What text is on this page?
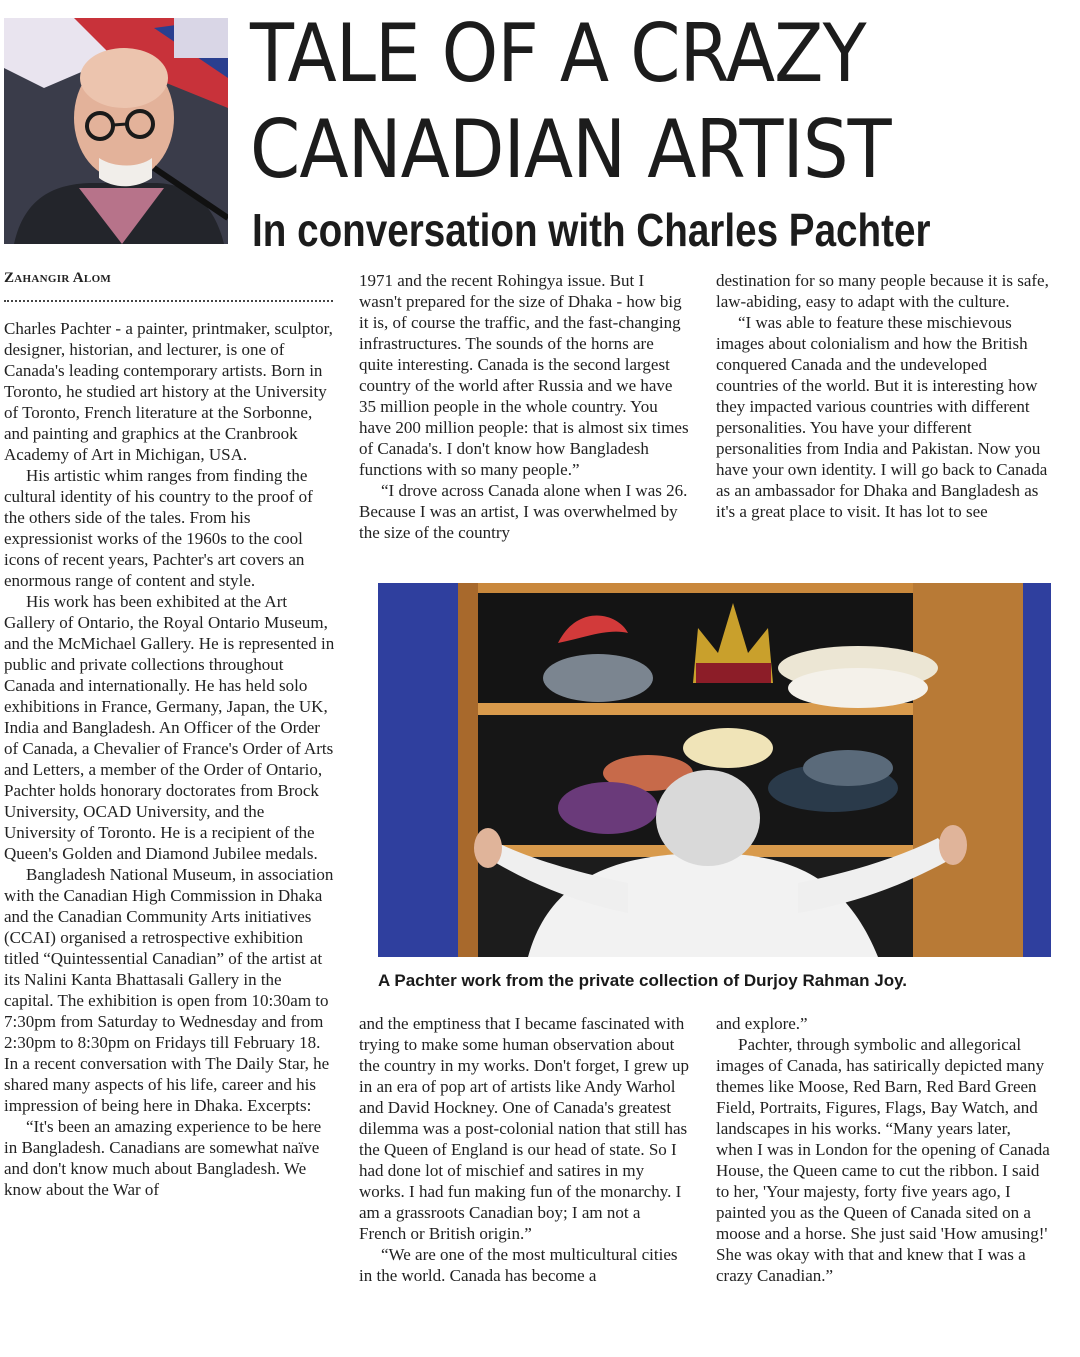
TALE OF A CRAZY CANADIAN ARTIST
In conversation with Charles Pachter
Zahangir Alom

Charles Pachter - a painter, printmaker, sculptor, designer, historian, and lecturer, is one of Canada's leading contemporary artists. Born in Toronto, he studied art history at the University of Toronto, French literature at the Sorbonne, and painting and graphics at the Cranbrook Academy of Art in Michigan, USA.

His artistic whim ranges from finding the cultural identity of his country to the proof of the others side of the tales. From his expressionist works of the 1960s to the cool icons of recent years, Pachter's art covers an enormous range of content and style.

His work has been exhibited at the Art Gallery of Ontario, the Royal Ontario Museum, and the McMichael Gallery. He is represented in public and private collections throughout Canada and internationally. He has held solo exhibitions in France, Germany, Japan, the UK, India and Bangladesh. An Officer of the Order of Canada, a Chevalier of France's Order of Arts and Letters, a member of the Order of Ontario, Pachter holds honorary doctorates from Brock University, OCAD University, and the University of Toronto. He is a recipient of the Queen's Golden and Diamond Jubilee medals.

Bangladesh National Museum, in association with the Canadian High Commission in Dhaka and the Canadian Community Arts initiatives (CCAI) organised a retrospective exhibition titled “Quintessential Canadian” of the artist at its Nalini Kanta Bhattasali Gallery in the capital. The exhibition is open from 10:30am to 7:30pm from Saturday to Wednesday and from 2:30pm to 8:30pm on Fridays till February 18. In a recent conversation with The Daily Star, he shared many aspects of his life, career and his impression of being here in Dhaka. Excerpts:

“It's been an amazing experience to be here in Bangladesh. Canadians are somewhat naïve and don't know much about Bangladesh. We know about the War of

1971 and the recent Rohingya issue. But I wasn't prepared for the size of Dhaka - how big it is, of course the traffic, and the fast-changing infrastructures. The sounds of the horns are quite interesting. Canada is the second largest country of the world after Russia and we have 35 million people in the whole country. You have 200 million people: that is almost six times of Canada's. I don't know how Bangladesh functions with so many people.”

“I drove across Canada alone when I was 26. Because I was an artist, I was overwhelmed by the size of the country

destination for so many people because it is safe, law-abiding, easy to adapt with the culture.

“I was able to feature these mischievous images about colonialism and how the British conquered Canada and the undeveloped countries of the world. But it is interesting how they impacted various countries with different personalities. You have your different personalities from India and Pakistan. Now you have your own identity. I will go back to Canada as an ambassador for Dhaka and Bangladesh as it's a great place to visit. It has lot to see

A Pachter work from the private collection of Durjoy Rahman Joy.

and the emptiness that I became fascinated with trying to make some human observation about the country in my works. Don't forget, I grew up in an era of pop art of artists like Andy Warhol and David Hockney. One of Canada's greatest dilemma was a post-colonial nation that still has the Queen of England is our head of state. So I had done lot of mischief and satires in my works. I had fun making fun of the monarchy. I am a grassroots Canadian boy; I am not a French or British origin.”

“We are one of the most multicultural cities in the world. Canada has become a

and explore.”

Pachter, through symbolic and allegorical images of Canada, has satirically depicted many themes like Moose, Red Barn, Red Bard Green Field, Portraits, Figures, Flags, Bay Watch, and landscapes in his works. “Many years later, when I was in London for the opening of Canada House, the Queen came to cut the ribbon. I said to her, 'Your majesty, forty five years ago, I painted you as the Queen of Canada sited on a moose and a horse. She just said 'How amusing!' She was okay with that and knew that I was a crazy Canadian.”
